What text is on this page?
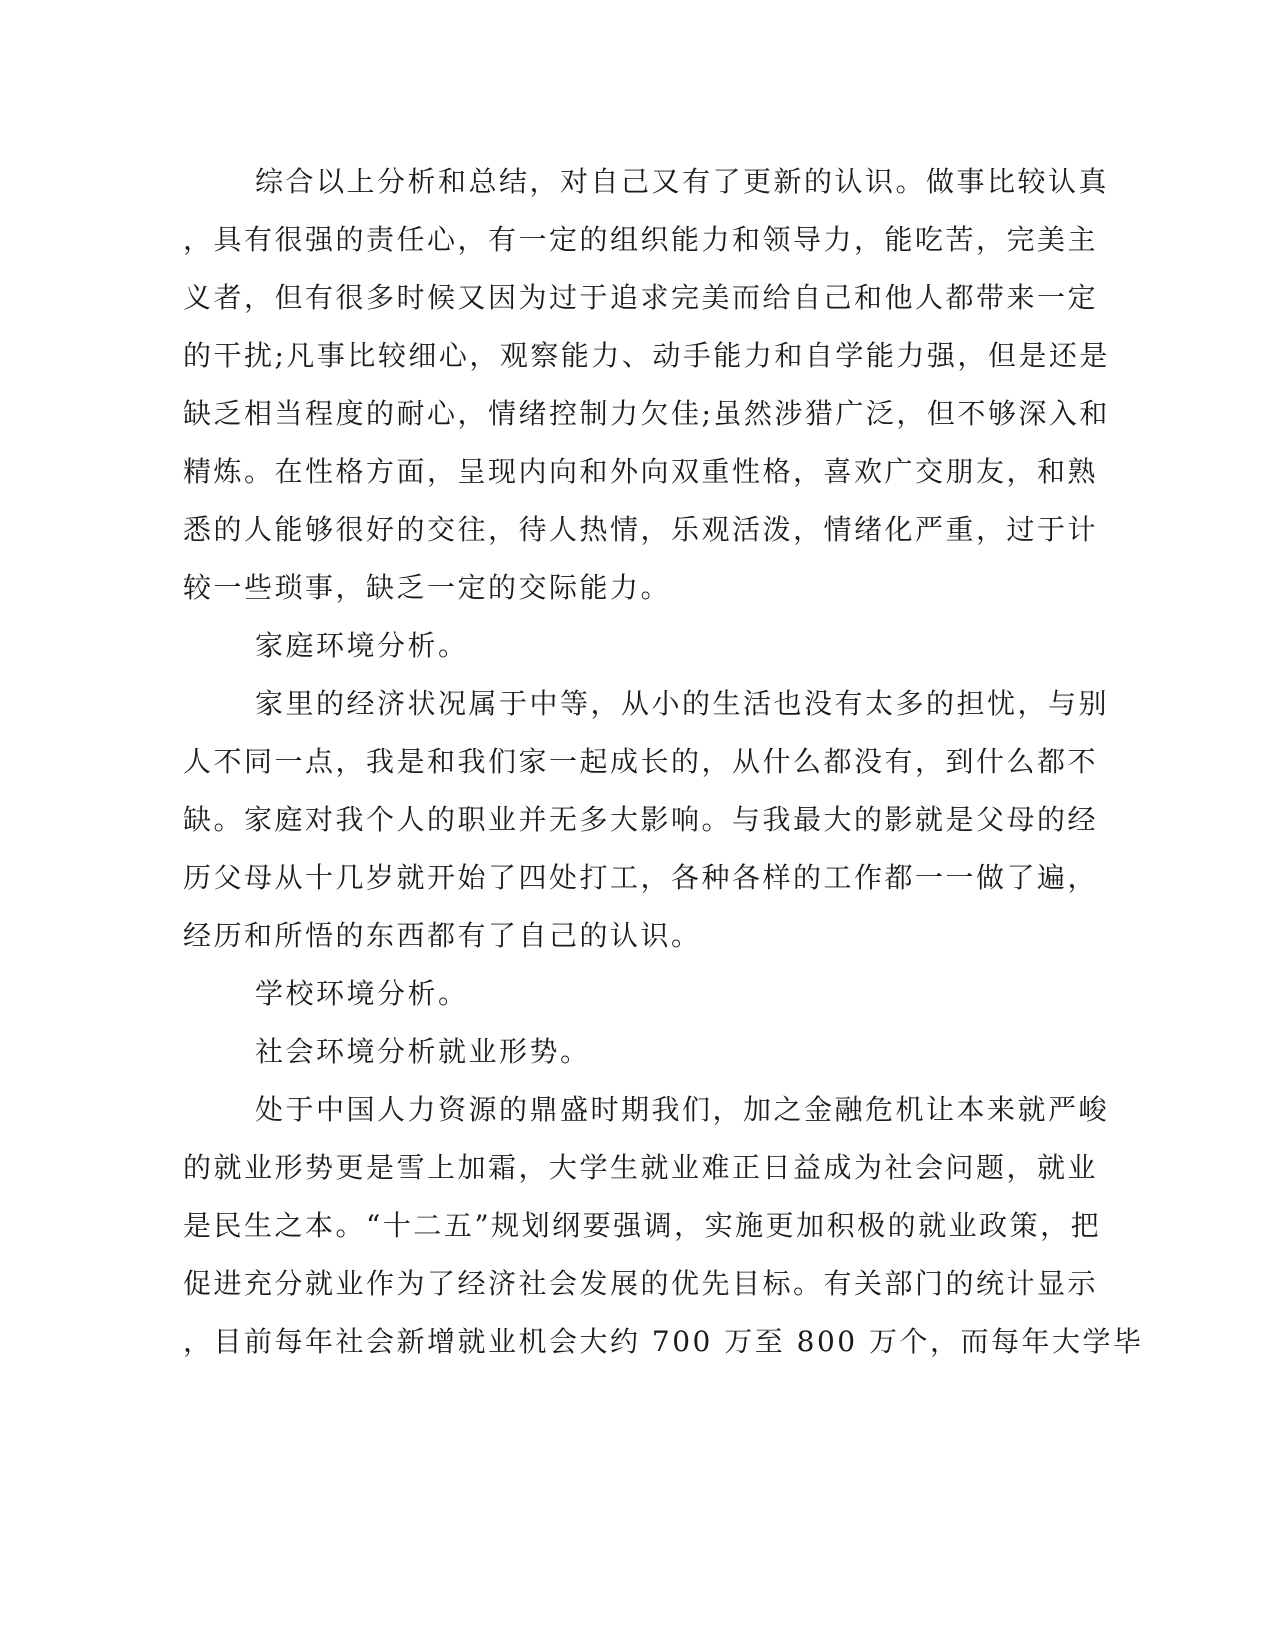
综合以上分析和总结，对自己又有了更新的认识。做事比较认真
，具有很强的责任心，有一定的组织能力和领导力，能吃苦，完美主
义者，但有很多时候又因为过于追求完美而给自己和他人都带来一定
的干扰;凡事比较细心，观察能力、动手能力和自学能力强，但是还是
缺乏相当程度的耐心，情绪控制力欠佳;虽然涉猎广泛，但不够深入和
精炼。在性格方面，呈现内向和外向双重性格，喜欢广交朋友，和熟
悉的人能够很好的交往，待人热情，乐观活泼，情绪化严重，过于计
较一些琐事，缺乏一定的交际能力。
家庭环境分析。
家里的经济状况属于中等，从小的生活也没有太多的担忧，与别
人不同一点，我是和我们家一起成长的，从什么都没有，到什么都不
缺。家庭对我个人的职业并无多大影响。与我最大的影就是父母的经
历父母从十几岁就开始了四处打工，各种各样的工作都一一做了遍，
经历和所悟的东西都有了自己的认识。
学校环境分析。
社会环境分析就业形势。
处于中国人力资源的鼎盛时期我们，加之金融危机让本来就严峻
的就业形势更是雪上加霜，大学生就业难正日益成为社会问题，就业
是民生之本。“十二五”规划纲要强调，实施更加积极的就业政策，把
促进充分就业作为了经济社会发展的优先目标。有关部门的统计显示
，目前每年社会新增就业机会大约 700 万至 800 万个，而每年大学毕
